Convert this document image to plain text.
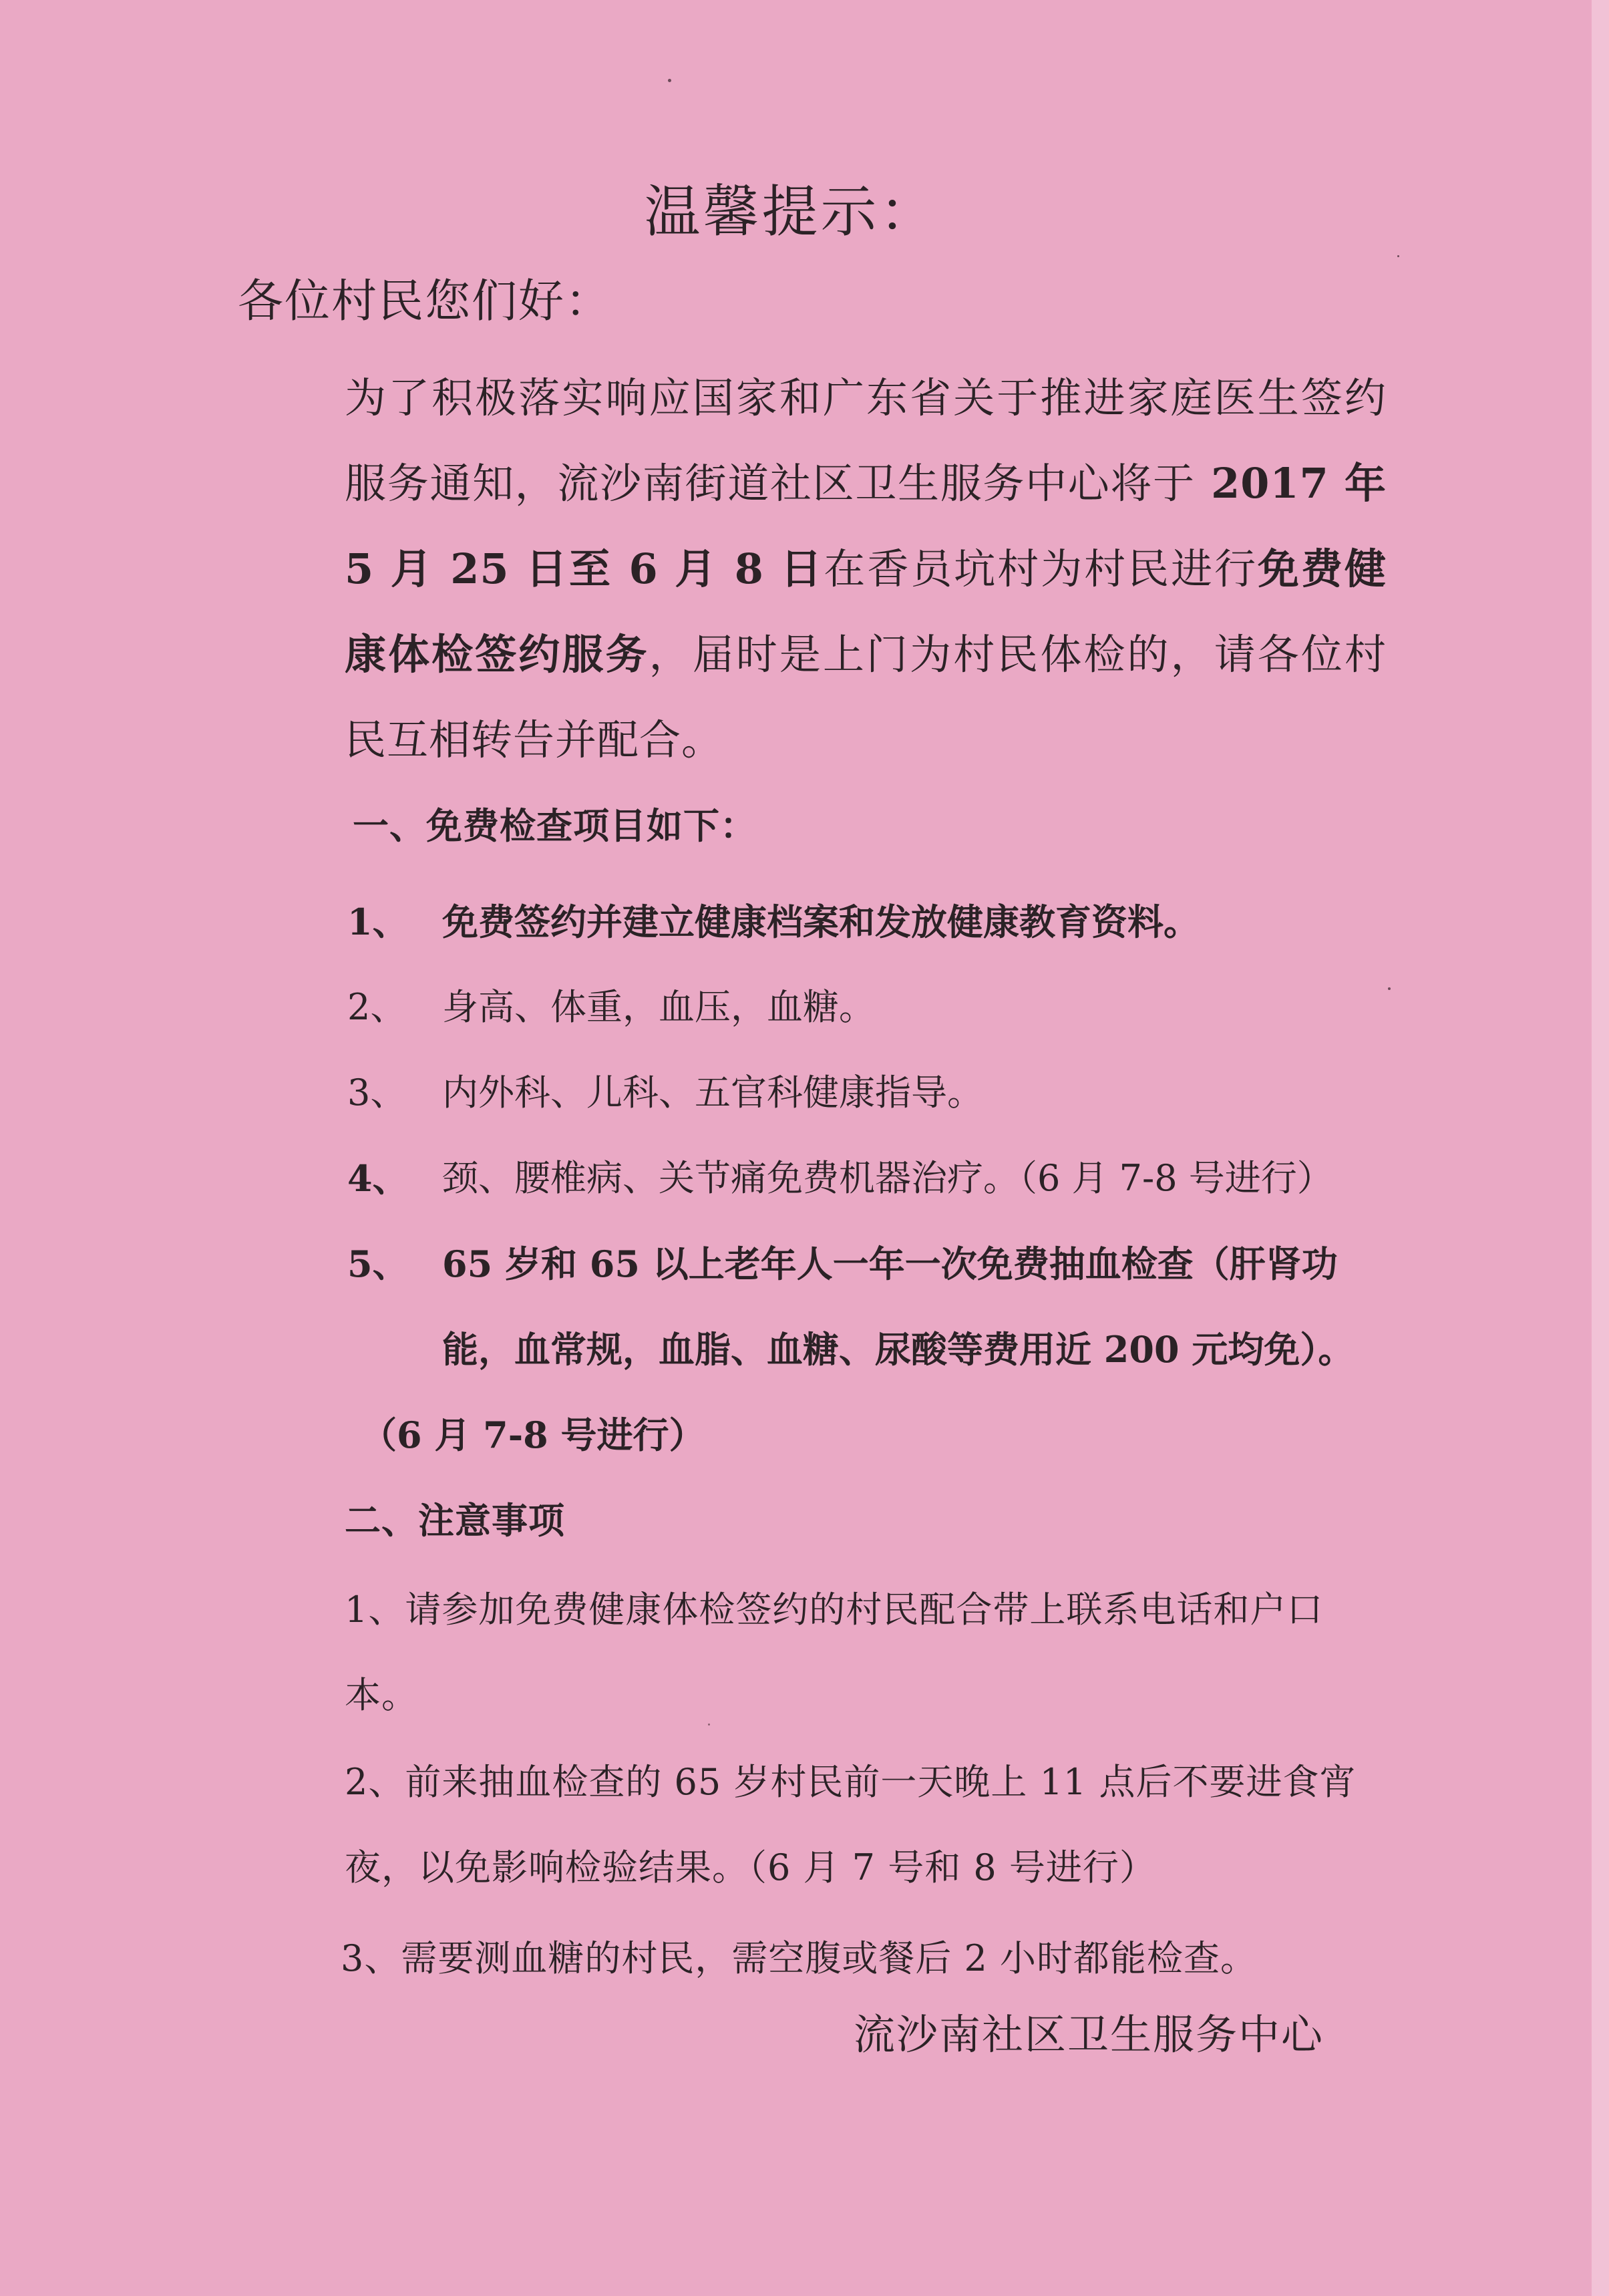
温馨提示：
各位村民您们好：
为了积极落实响应国家和广东省关于推进家庭医生签约服务通知，流沙南街道社区卫生服务中心将于 2017 年 5 月 25 日至 6 月 8 日在香员坑村为村民进行免费健康体检签约服务，届时是上门为村民体检的，请各位村民互相转告并配合。
一、免费检查项目如下：
1、 免费签约并建立健康档案和发放健康教育资料。
2、 身高、体重，血压，血糖。
3、 内外科、儿科、五官科健康指导。
4、 颈、腰椎病、关节痛免费机器治疗。（6 月 7-8 号进行）
5、 65 岁和 65 以上老年人一年一次免费抽血检查（肝肾功能，血常规，血脂、血糖、尿酸等费用近 200 元均免）。
（6 月 7-8 号进行）
二、注意事项
1、请参加免费健康体检签约的村民配合带上联系电话和户口本。
2、前来抽血检查的 65 岁村民前一天晚上 11 点后不要进食宵夜，以免影响检验结果。（6 月 7 号和 8 号进行）
3、需要测血糖的村民，需空腹或餐后 2 小时都能检查。
流沙南社区卫生服务中心
